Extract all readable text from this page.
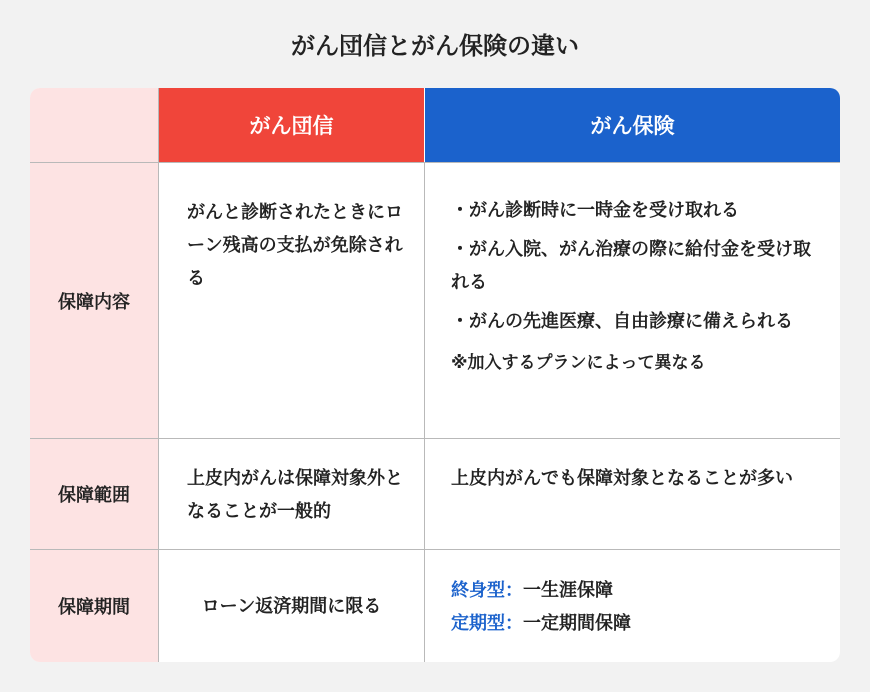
がん団信とがん保険の違い
がん団信	がん保険
保障内容
保障範囲
保障期間
がんと診断されたときにローン残高の支払が免除される
・がん診断時に一時金を受け取れる
・がん入院、がん治療の際に給付金を受け取れる
・がんの先進医療、自由診療に備えられる
※加入するプランによって異なる
上皮内がんは保障対象外となることが一般的
上皮内がんでも保障対象となることが多い
ローン返済期間に限る
終身型：一生涯保障
定期型：一定期間保障
